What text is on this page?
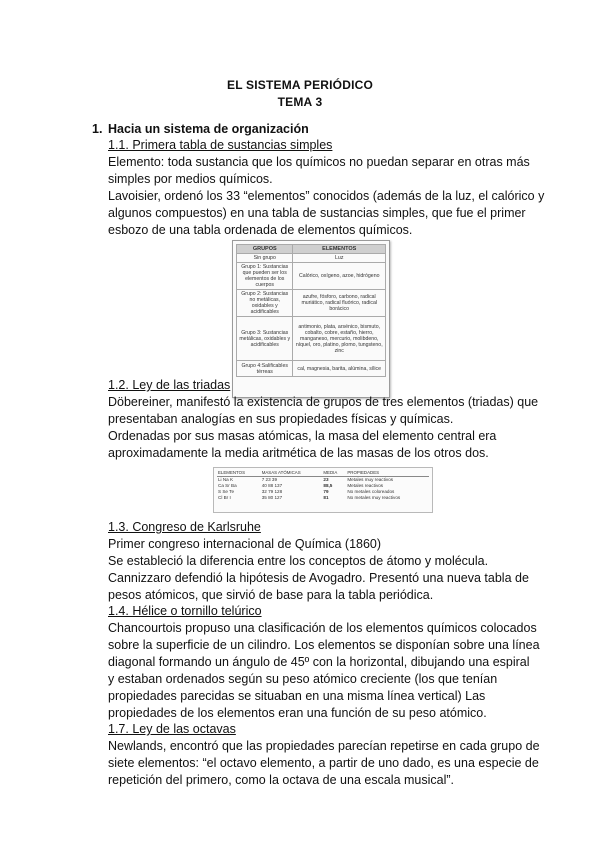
EL SISTEMA PERIÓDICO
TEMA 3
1. Hacia un sistema de organización
1.1. Primera tabla de sustancias simples
Elemento: toda sustancia que los químicos no puedan separar en otras más
simples por medios químicos.
Lavoisier, ordenó los 33 “elementos” conocidos (además de la luz, el calórico y
algunos compuestos) en una tabla de sustancias simples, que fue el primer
esbozo de una tabla ordenada de elementos químicos.
GRUPOS	ELEMENTOS
Sin grupo	Luz
Grupo 1: Sustancias que pueden ser los elementos de los cuerpos	Calórico, oxígeno, azoe, hidrógeno
Grupo 2: Sustancias no metálicas, oxidables y acidificables	azufre, fósforo, carbono, radical muriático, radical fluórico, radical borácico
Grupo 3: Sustancias metálicas, oxidables y acidificables	antimonio, plata, arsénico, bismuto, cobalto, cobre, estaño, hierro, manganeso, mercurio, molibdeno, níquel, oro, platino, plomo, tungsteno, zinc
Grupo 4:Salificables térreas	cal, magnesia, barita, alúmina, sílice
1.2. Ley de las triadas
Döbereiner, manifestó la existencia de grupos de tres elementos (triadas) que
presentaban analogías en sus propiedades físicas y químicas.
Ordenadas por sus masas atómicas, la masa del elemento central era
aproximadamente la media aritmética de las masas de los otros dos.
ELEMENTOS	MASAS ATÓMICAS	MEDIA	PROPIEDADES
Li Na K	7 23 39	23	Metales muy reactivos
Ca Sr Ba	40 88 137	88,5	Metales reactivos
S Se Te	32 79 128	79	No metales coloreados
Cl Br I	35 80 127	81	No metales muy reactivos
1.3. Congreso de Karlsruhe
Primer congreso internacional de Química (1860)
Se estableció la diferencia entre los conceptos de átomo y molécula.
Cannizzaro defendió la hipótesis de Avogadro. Presentó una nueva tabla de
pesos atómicos, que sirvió de base para la tabla periódica.
1.4. Hélice o tornillo telúrico
Chancourtois propuso una clasificación de los elementos químicos colocados
sobre la superficie de un cilindro. Los elementos se disponían sobre una línea
diagonal formando un ángulo de 45º con la horizontal, dibujando una espiral
y estaban ordenados según su peso atómico creciente (los que tenían
propiedades parecidas se situaban en una misma línea vertical) Las
propiedades de los elementos eran una función de su peso atómico.
1.7. Ley de las octavas
Newlands, encontró que las propiedades parecían repetirse en cada grupo de
siete elementos: “el octavo elemento, a partir de uno dado, es una especie de
repetición del primero, como la octava de una escala musical”.
